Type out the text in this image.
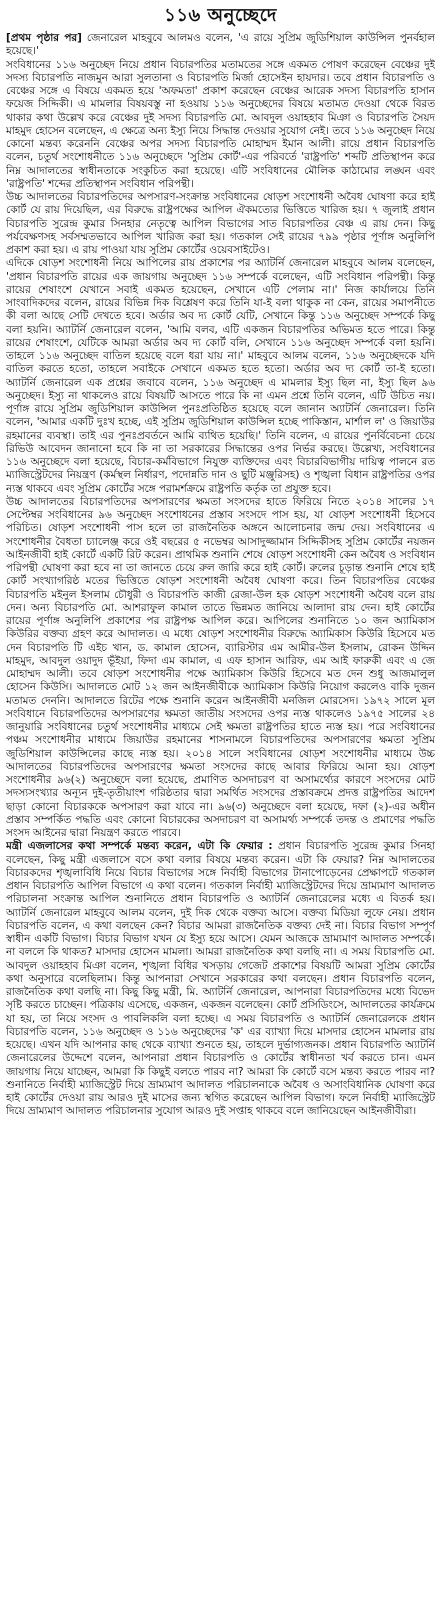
১১৬ অনুচ্ছেদে

[প্রথম পৃষ্ঠার পর] জেনারেল মাহবুবে আলমও বলেন, 'এ রায়ে সুপ্রিম জুডিশিয়াল কাউন্সিল পুনর্বহাল হয়েছে।'

সংবিধানের ১১৬ অনুচ্ছেদ নিয়ে প্রধান বিচারপতির মতামতের সঙ্গে একমত পোষণ করেছেন বেঞ্চের দুই সদস্য বিচারপতি নাজমুন আরা সুলতানা ও বিচারপতি মির্জা হোসেইন হায়দার। তবে প্রধান বিচারপতি ও বেঞ্চের সঙ্গে এ বিষয়ে একমত হয়ে 'অফমতা' প্রকাশ করেছেন বেঞ্চের আরেক সদস্য বিচারপতি হাসান ফয়েজ সিদ্দিকী। এ মামলার বিষয়বস্তু না হওয়ায় ১১৬ অনুচ্ছেদের বিষয়ে মতামত দেওয়া থেকে বিরত থাকার কথা উল্লেখ করে বেঞ্চের দুই সদস্য বিচারপতি মো. আবদুল ওয়াহহাব মিঞা ও বিচারপতি সৈয়দ মাহমুদ হোসেন বলেছেন, এ ক্ষেত্রে অন্য ইস্যু নিয়ে সিদ্ধান্ত দেওয়ার সুযোগ নেই। তবে ১১৬ অনুচ্ছেদ নিয়ে কোনো মন্তব্য করেননি বেঞ্চের অপর সদস্য বিচারপতি মোহাম্মদ ইমান আলী। রায়ে প্রধান বিচারপতি বলেন, চতুর্থ সংশোধনীতে ১১৬ অনুচ্ছেদে 'সুপ্রিম কোর্ট'-এর পরিবর্তে 'রাষ্ট্রপতি' শব্দটি প্রতিস্থাপন করে নিম্ন আদালতের স্বাধীনতাকে সংকুচিত করা হয়েছে। এটি সংবিধানের মৌলিক কাঠামোর লঙ্ঘন এবং 'রাষ্ট্রপতি' শব্দের প্রতিস্থাপন সংবিধান পরিপন্থী।

উচ্চ আদালতের বিচারপতিদের অপসারণ-সংক্রান্ত সংবিধানের ষোড়শ সংশোধনী অবৈধ ঘোষণা করে হাই কোর্ট যে রায় দিয়েছিল, এর বিরুদ্ধে রাষ্ট্রপক্ষের আপিল ঐকমত্যের ভিত্তিতে খারিজ হয়। ৭ জুলাই প্রধান বিচারপতি সুরেন্দ্র কুমার সিনহার নেতৃত্বে আপিল বিভাগের সাত বিচারপতির বেঞ্চ এ রায় দেন। কিছু পর্যবেক্ষণসহ সর্বসম্মতভাবে আপিল খারিজ করা হয়। গতকাল সেই রায়ের ৭৯৯ পৃষ্ঠার পূর্ণাঙ্গ অনুলিপি প্রকাশ করা হয়। এ রায় পাওয়া যায় সুপ্রিম কোর্টের ওয়েবসাইটেও।

এদিকে ষোড়শ সংশোধনী নিয়ে আপিলের রায় প্রকাশের পর অ্যাটর্নি জেনারেল মাহবুবে আলম বলেছেন, 'প্রধান বিচারপতি রায়ের এক জায়গায় অনুচ্ছেদ ১১৬ সম্পর্কে বলেছেন, এটি সংবিধান পরিপন্থী। কিন্তু রায়ের শেষাংশে যেখানে সবাই একমত হয়েছেন, সেখানে এটি পেলাম না।' নিজ কার্যালয়ে তিনি সাংবাদিকদের বলেন, রায়ের বিভিন্ন দিক বিশ্লেষণ করে তিনি যা-ই বলা থাকুক না কেন, রায়ের সমাপনীতে কী বলা আছে সেটি দেখতে হবে। অর্ডার অব দ্য কোর্ট যেটি, সেখানে কিন্তু ১১৬ অনুচ্ছেদ সম্পর্কে কিছু বলা হয়নি। অ্যাটর্নি জেনারেল বলেন, 'আমি বলব, এটি একজন বিচারপতির অভিমত হতে পারে। কিন্তু রায়ের শেষাংশে, যেটিকে আমরা অর্ডার অব দ্য কোর্ট বলি, সেখানে ১১৬ অনুচ্ছেদ সম্পর্কে বলা হয়নি। তাহলে ১১৬ অনুচ্ছেদ বাতিল হয়েছে বলে ধরা যায় না।' মাহবুবে আলম বলেন, ১১৬ অনুচ্ছেদকে যদি বাতিল করতে হতো, তাহলে সবাইকে সেখানে একমত হতে হতো। অর্ডার অব দ্য কোর্ট তা-ই হতো। অ্যাটর্নি জেনারেল এক প্রশ্নের জবাবে বলেন, ১১৬ অনুচ্ছেদ এ মামলার ইস্যু ছিল না, ইস্যু ছিল ৯৬ অনুচ্ছেদ। ইস্যু না থাকলেও রায়ে বিষয়টি আসতে পারে কি না এমন প্রশ্নে তিনি বলেন, এটি উচিত নয়। পূর্ণাঙ্গ রায়ে সুপ্রিম জুডিশিয়াল কাউন্সিল পুনঃপ্রতিষ্ঠিত হয়েছে বলে জানান অ্যাটর্নি জেনারেল। তিনি বলেন, 'আমার একটি দুঃখ হচ্ছে, এই সুপ্রিম জুডিশিয়াল কাউন্সিল হচ্ছে পাকিস্তান, মার্শাল ল' ও জিয়াউর রহমানের ব্যবস্থা। তাই এর পুনঃপ্রবর্তনে আমি ব্যথিত হয়েছি।' তিনি বলেন, এ রায়ের পুনর্বিবেচনা চেয়ে রিভিউ আবেদন জানানো হবে কি না তা সরকারের সিদ্ধান্তের ওপর নির্ভর করছে। উল্লেখ্য, সংবিধানের ১১৬ অনুচ্ছেদে বলা হয়েছে, বিচার-কর্মবিভাগে নিযুক্ত ব্যক্তিদের এবং বিচারবিভাগীয় দায়িত্ব পালনে রত ম্যাজিস্ট্রেটদের নিয়ন্ত্রণ (কর্মস্থল নির্ধারণ, পদোন্নতি দান ও ছুটি মঞ্জুরিসহ) ও শৃঙ্খলা বিধান রাষ্ট্রপতির ওপর ন্যস্ত থাকবে এবং সুপ্রিম কোর্টের সঙ্গে পরামর্শক্রমে রাষ্ট্রপতি কর্তৃক তা প্রযুক্ত হবে।

উচ্চ আদালতের বিচারপতিদের অপসারণের ক্ষমতা সংসদের হাতে ফিরিয়ে নিতে ২০১৪ সালের ১৭ সেপ্টেম্বর সংবিধানের ৯৬ অনুচ্ছেদ সংশোধনের প্রস্তাব সংসদে পাস হয়, যা ষোড়শ সংশোধনী হিসেবে পরিচিত। ষোড়শ সংশোধনী পাস হলে তা রাজনৈতিক অঙ্গনে আলোচনার জন্ম দেয়। সংবিধানের এ সংশোধনীর বৈধতা চ্যালেঞ্জ করে ওই বছরের ৫ নভেম্বর আসাদুজ্জামান সিদ্দিকীসহ সুপ্রিম কোর্টের নয়জন আইনজীবী হাই কোর্টে একটি রিট করেন। প্রাথমিক শুনানি শেষে ষোড়শ সংশোধনী কেন অবৈধ ও সংবিধান পরিপন্থী ঘোষণা করা হবে না তা জানতে চেয়ে রুল জারি করে হাই কোর্ট। রুলের চূড়ান্ত শুনানি শেষে হাই কোর্ট সংখ্যাগরিষ্ঠ মতের ভিত্তিতে ষোড়শ সংশোধনী অবৈধ ঘোষণা করে। তিন বিচারপতির বেঞ্চের বিচারপতি মইনুল ইসলাম চৌধুরী ও বিচারপতি কাজী রেজা-উল হক ষোড়শ সংশোধনী অবৈধ বলে রায় দেন। অন্য বিচারপতি মো. আশরাফুল কামাল তাতে ভিন্নমত জানিয়ে আলাদা রায় দেন। হাই কোর্টের রায়ের পূর্ণাঙ্গ অনুলিপি প্রকাশের পর রাষ্ট্রপক্ষ আপিল করে। আপিলের শুনানিতে ১০ জন অ্যামিকাস কিউরির বক্তব্য গ্রহণ করে আদালত। এ মধ্যে ষোড়শ সংশোধনীর বিরুদ্ধে অ্যামিকাস কিউরি হিসেবে মত দেন বিচারপতি টি এইচ খান, ড. কামাল হোসেন, ব্যারিস্টার এম আমীর-উল ইসলাম, রোকন উদ্দিন মাহমুদ, আবদুল ওয়াদুদ ভূঁইয়া, ফিদা এম কামাল, এ এফ হাসান আরিফ, এম আই ফারুকী এবং এ জে মোহাম্মদ আলী। তবে ষোড়শ সংশোধনীর পক্ষে অ্যামিকাস কিউরি হিসেবে মত দেন শুধু আজমালুল হোসেন কিউসি। আদালতে মোট ১২ জন আইনজীবীকে অ্যামিকাস কিউরি নিয়োগ করলেও বাকি দুজন মতামত দেননি। আদালতে রিটের পক্ষে শুনানি করেন আইনজীবী মনজিল মোরসেদ। ১৯৭২ সালে মূল সংবিধানে বিচারপতিদের অপসারণের ক্ষমতা জাতীয় সংসদের ওপর ন্যস্ত থাকলেও ১৯৭৫ সালের ২৪ জানুয়ারি সংবিধানের চতুর্থ সংশোধনীর মাধ্যমে সেই ক্ষমতা রাষ্ট্রপতির হাতে ন্যস্ত হয়। পরে সংবিধানের পঞ্চম সংশোধনীর মাধ্যমে জিয়াউর রহমানের শাসনামলে বিচারপতিদের অপসারণের ক্ষমতা সুপ্রিম জুডিশিয়াল কাউন্সিলের কাছে ন্যস্ত হয়। ২০১৪ সালে সংবিধানের ষোড়শ সংশোধনীর মাধ্যমে উচ্চ আদালতের বিচারপতিদের অপসারণের ক্ষমতা সংসদের কাছে আবার ফিরিয়ে আনা হয়। ষোড়শ সংশোধনীর ৯৬(২) অনুচ্ছেদে বলা হয়েছে, প্রমাণিত অসদাচরণ বা অসামর্থ্যের কারণে সংসদের মোট সদস্যসংখ্যার অন্যূন দুই-তৃতীয়াংশ গরিষ্ঠতার দ্বারা সমর্থিত সংসদের প্রস্তাবক্রমে প্রদত্ত রাষ্ট্রপতির আদেশ ছাড়া কোনো বিচারককে অপসারণ করা যাবে না। ৯৬(৩) অনুচ্ছেদে বলা হয়েছে, দফা (২)-এর অধীন প্রস্তাব সম্পর্কিত পদ্ধতি এবং কোনো বিচারকের অসদাচরণ বা অসামর্থ্য সম্পর্কে তদন্ত ও প্রমাণের পদ্ধতি সংসদ আইনের দ্বারা নিয়ন্ত্রণ করতে পারবে।

মন্ত্রী এজলাসের কথা সম্পর্কে মন্তব্য করেন, এটা কি ফেয়ার : প্রধান বিচারপতি সুরেন্দ্র কুমার সিনহা বলেছেন, কিছু মন্ত্রী এজলাসে বসে কথা বলার বিষয়ে মন্তব্য করেন। এটা কি ফেয়ার? নিম্ন আদালতের বিচারকদের শৃঙ্খলাবিধি নিয়ে বিচার বিভাগের সঙ্গে নির্বাহী বিভাগের টানাপোড়েনের প্রেক্ষাপটে গতকাল প্রধান বিচারপতি আপিল বিভাগে এ কথা বলেন। গতকাল নির্বাহী ম্যাজিস্ট্রেটদের দিয়ে ভ্রাম্যমাণ আদালত পরিচালনা সংক্রান্ত আপিল শুনানিতে প্রধান বিচারপতি ও অ্যাটর্নি জেনারেলের মধ্যে এ বিতর্ক হয়। অ্যাটর্নি জেনারেল মাহবুবে আলম বলেন, দুই দিক থেকে বক্তব্য আসে। বক্তব্য মিডিয়া লুফে নেয়। প্রধান বিচারপতি বলেন, এ কথা বলছেন কেন? বিচার আমরা রাজনৈতিক বক্তব্য দেই না। বিচার বিভাগ সম্পূর্ণ স্বাধীন একটি বিভাগ। বিচার বিভাগ যখন যে ইস্যু হয়ে আসে। যেমন আজকে ভ্রাম্যমাণ আদালত সম্পর্কে। না বললে কি থাকত? মাসদার হোসেন মামলা। আমরা রাজনৈতিক কথা বলছি না। এ সময় বিচারপতি মো. আবদুল ওয়াহহাব মিঞা বলেন, শৃঙ্খলা বিধির খসড়ায় গেজেট প্রকাশের বিষয়টি আমরা সুপ্রিম কোর্টের কথা অনুসারে বলেছিলাম। কিন্তু আপনারা সেখানে সরকারের কথা বলছেন। প্রধান বিচারপতি বলেন, রাজনৈতিক কথা বলছি না। কিছু কিছু মন্ত্রী, মি. অ্যাটর্নি জেনারেল, আপনারা বিচারপতিদের মধ্যে বিভেদ সৃষ্টি করতে চাচ্ছেন। পত্রিকায় এসেছে, একজন, একজন বলেছেন। কোর্ট প্রসিডিংসে, আদালতের কার্যক্রমে যা হয়, তা নিয়ে সংসদ ও পাবলিকলি বলা হচ্ছে। এ সময় বিচারপতি ও অ্যাটর্নি জেনারেলকে প্রধান বিচারপতি বলেন, ১১৬ অনুচ্ছেদ ও ১১৬ অনুচ্ছেদের 'ক' এর ব্যাখ্যা দিয়ে মাসদার হোসেন মামলার রায় হয়েছে। এখন যদি আপনার কাছ থেকে ব্যাখ্যা শুনতে হয়, তাহলে দুর্ভাগ্যজনক। প্রধান বিচারপতি অ্যাটর্নি জেনারেলের উদ্দেশে বলেন, আপনারা প্রধান বিচারপতি ও কোর্টের স্বাধীনতা খর্ব করতে চান। এমন জায়গায় নিয়ে যাচ্ছেন, আমরা কি কিছুই বলতে পারব না? আমরা কি কোর্টে বসে মন্তব্য করতে পারব না? শুনানিতে নির্বাহী ম্যাজিস্ট্রেট দিয়ে ভ্রাম্যমাণ আদালত পরিচালনাকে অবৈধ ও অসাংবিধানিক ঘোষণা করে হাই কোর্টের দেওয়া রায় আরও দুই মাসের জন্য স্থগিত করেছেন আপিল বিভাগ। ফলে নির্বাহী ম্যাজিস্ট্রেট দিয়ে ভ্রাম্যমাণ আদালত পরিচালনার সুযোগ আরও দুই সপ্তাহ থাকবে বলে জানিয়েছেন আইনজীবীরা।
